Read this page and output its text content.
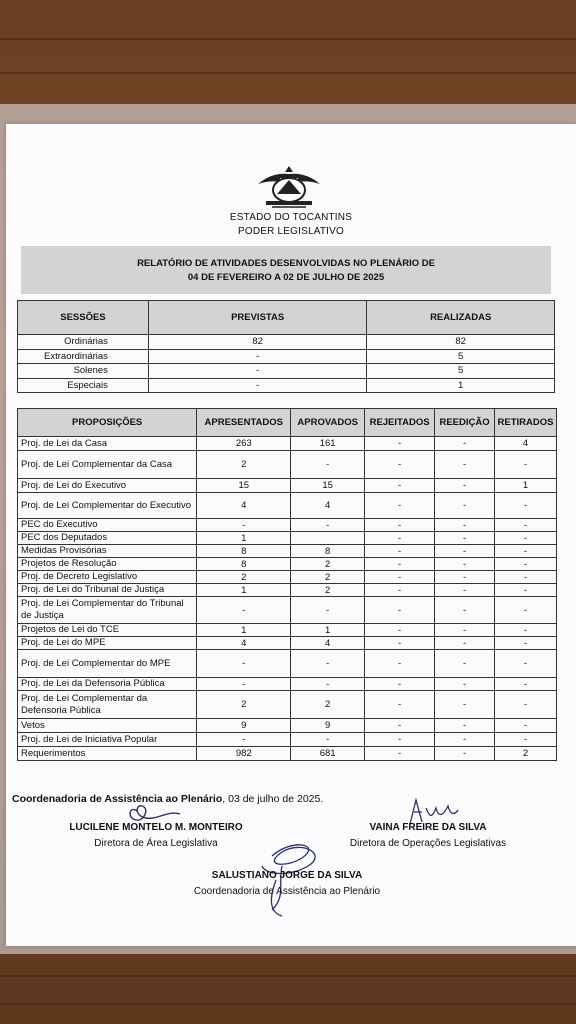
ESTADO DO TOCANTINS
PODER LEGISLATIVO
RELATÓRIO DE ATIVIDADES DESENVOLVIDAS NO PLENÁRIO DE
04 DE FEVEREIRO A 02 DE JULHO DE 2025
SESSÕES	PREVISTAS	REALIZADAS
Ordinárias	82	82
Extraordinárias	-	5
Solenes	-	5
Especiais	-	1
PROPOSIÇÕES	APRESENTADOS	APROVADOS	REJEITADOS	REEDIÇÃO	RETIRADOS
Proj. de Lei da Casa	263	161	-	-	4
Proj. de Lei Complementar da Casa	2	-	-	-	-
Proj. de Lei do Executivo	15	15	-	-	1
Proj. de Lei Complementar do Executivo	4	4	-	-	-
PEC do Executivo	-	-	-	-	-
PEC dos Deputados	1		-	-	-
Medidas Provisórias	8	8	-	-	-
Projetos de Resolução	8	2	-	-	-
Proj. de Decreto Legislativo	2	2	-	-	-
Proj. de Lei do Tribunal de Justiça	1	2	-	-	-
Proj. de Lei Complementar do Tribunal de Justiça	-	-	-	-	-
Projetos de Lei do TCE	1	1	-	-	-
Proj. de Lei do MPE	4	4	-	-	-
Proj. de Lei Complementar do MPE	-	-	-	-	-
Proj. de Lei da Defensoria Pública	-	-	-	-	-
Proj. de Lei Complementar da Defensoria Pública	2	2	-	-	-
Vetos	9	9	-	-	-
Proj. de Lei de Iniciativa Popular	-	-	-	-	-
Requerimentos	982	681	-	-	2
Coordenadoria de Assistência ao Plenário, 03 de julho de 2025.
LUCILENE MONTELO M. MONTEIRO
Diretora de Área Legislativa
VAINA FREIRE DA SILVA
Diretora de Operações Legislativas
SALUSTIANO JORGE DA SILVA
Coordenadoria de Assistência ao Plenário
